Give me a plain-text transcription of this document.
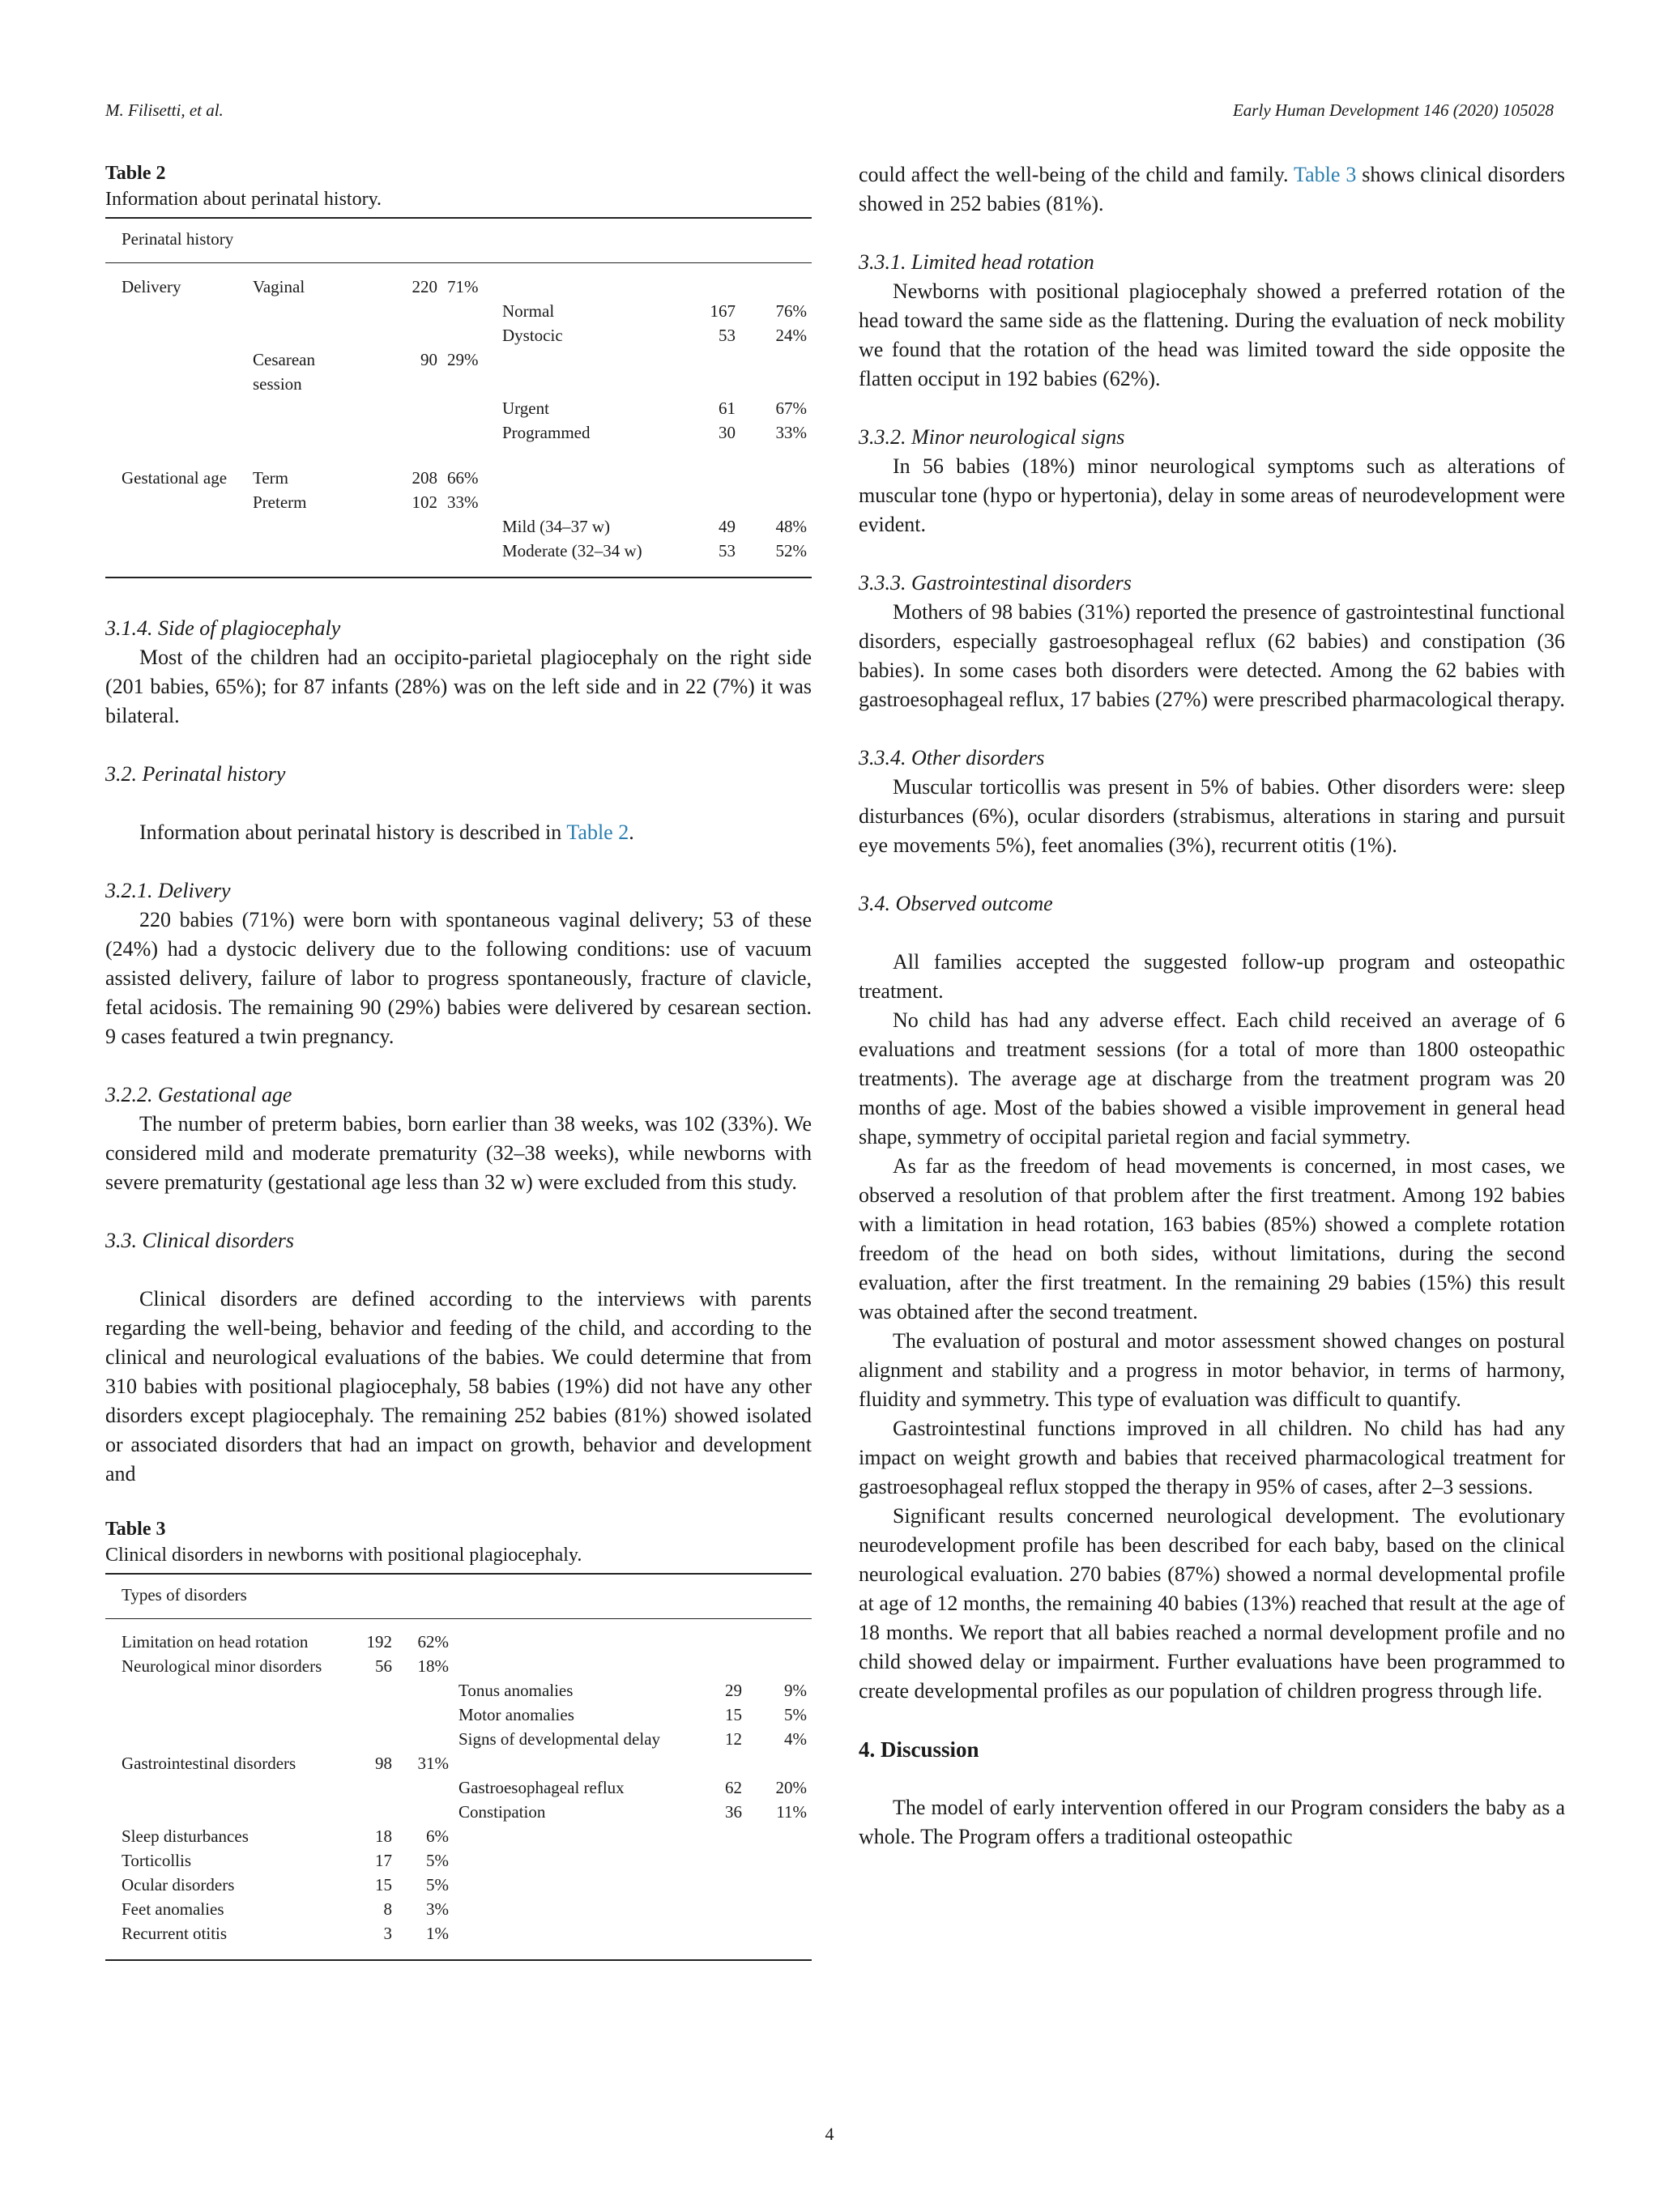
M. Filisetti, et al.	Early Human Development 146 (2020) 105028
Table 2
Information about perinatal history.
Perinatal history						

Delivery	Vaginal	220	71%			
				Normal	167	76%
				Dystocic	53	24%
	Cesarean session	90	29%			
				Urgent	61	67%
				Programmed	30	33%

Gestational age	Term	208	66%			
	Preterm	102	33%			
				Mild (34–37 w)	49	48%
				Moderate (32–34 w)	53	52%

3.1.4. Side of plagiocephaly

Most of the children had an occipito-parietal plagiocephaly on the right side (201 babies, 65%); for 87 infants (28%) was on the left side and in 22 (7%) it was bilateral.

3.2. Perinatal history

Information about perinatal history is described in Table 2.

3.2.1. Delivery

220 babies (71%) were born with spontaneous vaginal delivery; 53 of these (24%) had a dystocic delivery due to the following conditions: use of vacuum assisted delivery, failure of labor to progress spontaneously, fracture of clavicle, fetal acidosis. The remaining 90 (29%) babies were delivered by cesarean section. 9 cases featured a twin pregnancy.

3.2.2. Gestational age

The number of preterm babies, born earlier than 38 weeks, was 102 (33%). We considered mild and moderate prematurity (32–38 weeks), while newborns with severe prematurity (gestational age less than 32 w) were excluded from this study.

3.3. Clinical disorders

Clinical disorders are defined according to the interviews with parents regarding the well-being, behavior and feeding of the child, and according to the clinical and neurological evaluations of the babies. We could determine that from 310 babies with positional plagiocephaly, 58 babies (19%) did not have any other disorders except plagiocephaly. The remaining 252 babies (81%) showed isolated or associated disorders that had an impact on growth, behavior and development and

Table 3
Clinical disorders in newborns with positional plagiocephaly.
Types of disorders					

Limitation on head rotation	192	62%			
Neurological minor disorders	56	18%			
			Tonus anomalies	29	9%
			Motor anomalies	15	5%
			Signs of developmental delay	12	4%
Gastrointestinal disorders	98	31%			
			Gastroesophageal reflux	62	20%
			Constipation	36	11%
Sleep disturbances	18	6%			
Torticollis	17	5%			
Ocular disorders	15	5%			
Feet anomalies	8	3%			
Recurrent otitis	3	1%			

could affect the well-being of the child and family. Table 3 shows clinical disorders showed in 252 babies (81%).

3.3.1. Limited head rotation

Newborns with positional plagiocephaly showed a preferred rotation of the head toward the same side as the flattening. During the evaluation of neck mobility we found that the rotation of the head was limited toward the side opposite the flatten occiput in 192 babies (62%).

3.3.2. Minor neurological signs

In 56 babies (18%) minor neurological symptoms such as alterations of muscular tone (hypo or hypertonia), delay in some areas of neurodevelopment were evident.

3.3.3. Gastrointestinal disorders

Mothers of 98 babies (31%) reported the presence of gastrointestinal functional disorders, especially gastroesophageal reflux (62 babies) and constipation (36 babies). In some cases both disorders were detected. Among the 62 babies with gastroesophageal reflux, 17 babies (27%) were prescribed pharmacological therapy.

3.3.4. Other disorders

Muscular torticollis was present in 5% of babies. Other disorders were: sleep disturbances (6%), ocular disorders (strabismus, alterations in staring and pursuit eye movements 5%), feet anomalies (3%), recurrent otitis (1%).

3.4. Observed outcome

All families accepted the suggested follow-up program and osteopathic treatment.

No child has had any adverse effect. Each child received an average of 6 evaluations and treatment sessions (for a total of more than 1800 osteopathic treatments). The average age at discharge from the treatment program was 20 months of age. Most of the babies showed a visible improvement in general head shape, symmetry of occipital parietal region and facial symmetry.

As far as the freedom of head movements is concerned, in most cases, we observed a resolution of that problem after the first treatment. Among 192 babies with a limitation in head rotation, 163 babies (85%) showed a complete rotation freedom of the head on both sides, without limitations, during the second evaluation, after the first treatment. In the remaining 29 babies (15%) this result was obtained after the second treatment.

The evaluation of postural and motor assessment showed changes on postural alignment and stability and a progress in motor behavior, in terms of harmony, fluidity and symmetry. This type of evaluation was difficult to quantify.

Gastrointestinal functions improved in all children. No child has had any impact on weight growth and babies that received pharmacological treatment for gastroesophageal reflux stopped the therapy in 95% of cases, after 2–3 sessions.

Significant results concerned neurological development. The evolutionary neurodevelopment profile has been described for each baby, based on the clinical neurological evaluation. 270 babies (87%) showed a normal developmental profile at age of 12 months, the remaining 40 babies (13%) reached that result at the age of 18 months. We report that all babies reached a normal development profile and no child showed delay or impairment. Further evaluations have been programmed to create developmental profiles as our population of children progress through life.

4. Discussion

The model of early intervention offered in our Program considers the baby as a whole. The Program offers a traditional osteopathic

4
